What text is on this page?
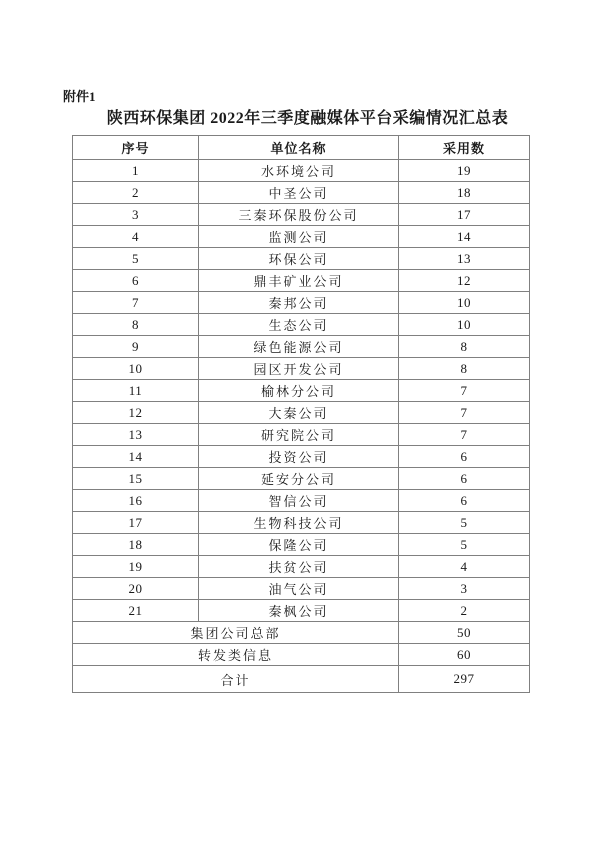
附件1
陕西环保集团 2022年三季度融媒体平台采编情况汇总表
序号	单位名称	采用数
1	水环境公司	19
2	中圣公司	18
3	三秦环保股份公司	17
4	监测公司	14
5	环保公司	13
6	鼎丰矿业公司	12
7	秦邦公司	10
8	生态公司	10
9	绿色能源公司	8
10	园区开发公司	8
11	榆林分公司	7
12	大秦公司	7
13	研究院公司	7
14	投资公司	6
15	延安分公司	6
16	智信公司	6
17	生物科技公司	5
18	保隆公司	5
19	扶贫公司	4
20	油气公司	3
21	秦枫公司	2
集团公司总部		50
转发类信息		60
合计		297
